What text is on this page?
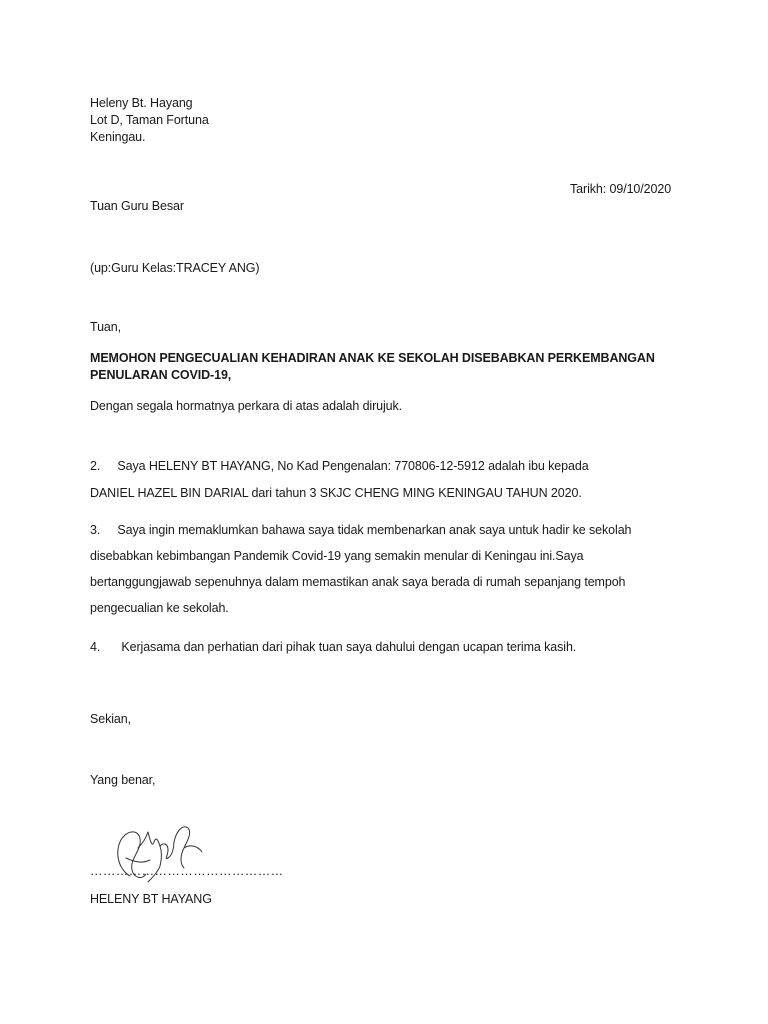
Heleny Bt. Hayang
Lot D, Taman Fortuna
Keningau.
Tarikh: 09/10/2020
Tuan Guru Besar
(up:Guru Kelas:TRACEY ANG)
Tuan,
MEMOHON PENGECUALIAN KEHADIRAN ANAK KE SEKOLAH DISEBABKAN PERKEMBANGAN
PENULARAN COVID-19,
Dengan segala hormatnya perkara di atas adalah dirujuk.
2. Saya HELENY BT HAYANG, No Kad Pengenalan: 770806-12-5912 adalah ibu kepada
DANIEL HAZEL BIN DARIAL dari tahun 3 SKJC CHENG MING KENINGAU TAHUN 2020.
3. Saya ingin memaklumkan bahawa saya tidak membenarkan anak saya untuk hadir ke sekolah
disebabkan kebimbangan Pandemik Covid-19 yang semakin menular di Keningau ini.Saya
bertanggungjawab sepenuhnya dalam memastikan anak saya berada di rumah sepanjang tempoh
pengecualian ke sekolah.
4. Kerjasama dan perhatian dari pihak tuan saya dahului dengan ucapan terima kasih.
Sekian,
Yang benar,
………………………………………
HELENY BT HAYANG
